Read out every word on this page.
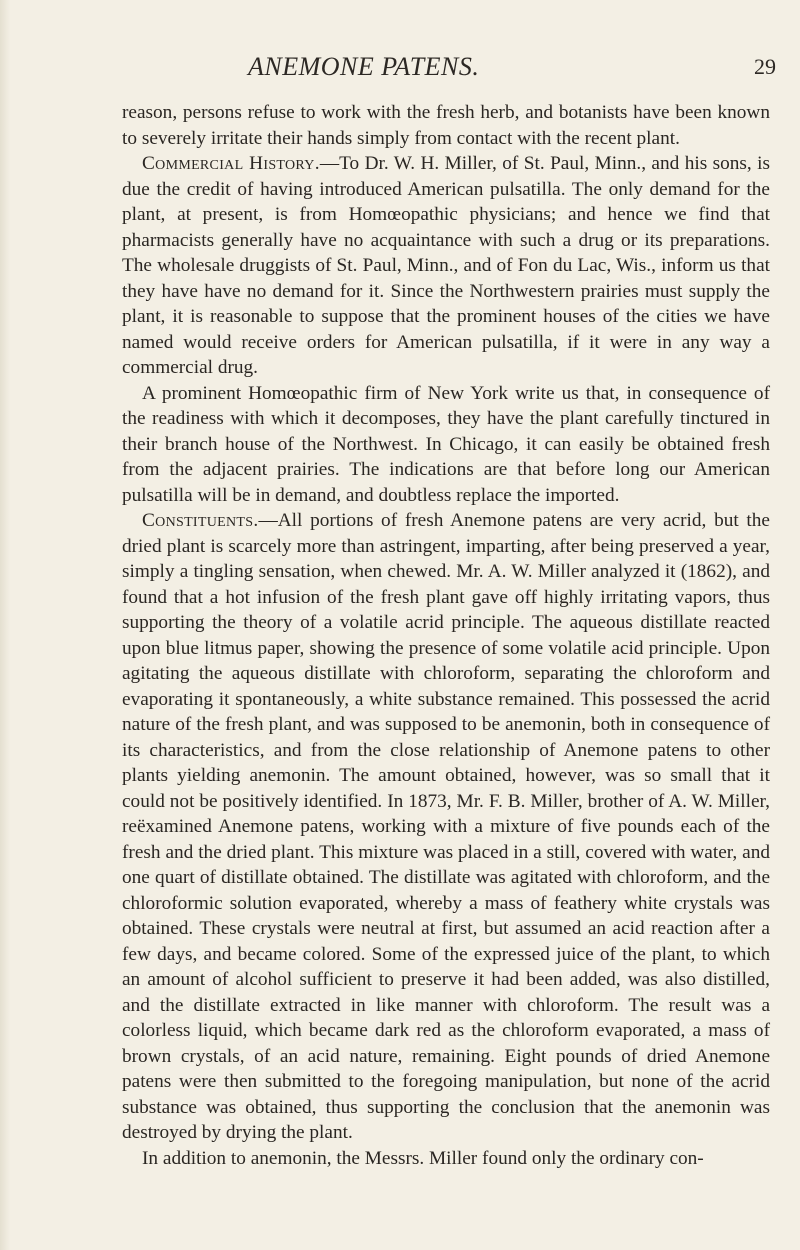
ANEMONE PATENS.	29

reason, persons refuse to work with the fresh herb, and botanists have been known to severely irritate their hands simply from contact with the recent plant.

Commercial History.—To Dr. W. H. Miller, of St. Paul, Minn., and his sons, is due the credit of having introduced American pulsatilla. The only demand for the plant, at present, is from Homœopathic physicians; and hence we find that pharmacists generally have no acquaintance with such a drug or its preparations. The wholesale druggists of St. Paul, Minn., and of Fon du Lac, Wis., inform us that they have have no demand for it. Since the Northwestern prairies must supply the plant, it is reasonable to suppose that the prominent houses of the cities we have named would receive orders for American pulsatilla, if it were in any way a commercial drug.

A prominent Homœopathic firm of New York write us that, in consequence of the readiness with which it decomposes, they have the plant carefully tinctured in their branch house of the Northwest. In Chicago, it can easily be obtained fresh from the adjacent prairies. The indications are that before long our American pulsatilla will be in demand, and doubtless replace the imported.

Constituents.—All portions of fresh Anemone patens are very acrid, but the dried plant is scarcely more than astringent, imparting, after being preserved a year, simply a tingling sensation, when chewed. Mr. A. W. Miller analyzed it (1862), and found that a hot infusion of the fresh plant gave off highly irritating vapors, thus supporting the theory of a volatile acrid principle. The aqueous distillate reacted upon blue litmus paper, showing the presence of some volatile acid principle. Upon agitating the aqueous distillate with chloroform, separating the chloroform and evaporating it spontaneously, a white substance remained. This possessed the acrid nature of the fresh plant, and was supposed to be anemonin, both in consequence of its characteristics, and from the close relationship of Anemone patens to other plants yielding anemonin. The amount obtained, however, was so small that it could not be positively identified. In 1873, Mr. F. B. Miller, brother of A. W. Miller, reëxamined Anemone patens, working with a mixture of five pounds each of the fresh and the dried plant. This mixture was placed in a still, covered with water, and one quart of distillate obtained. The distillate was agitated with chloroform, and the chloroformic solution evaporated, whereby a mass of feathery white crystals was obtained. These crystals were neutral at first, but assumed an acid reaction after a few days, and became colored. Some of the expressed juice of the plant, to which an amount of alcohol sufficient to preserve it had been added, was also distilled, and the distillate extracted in like manner with chloroform. The result was a colorless liquid, which became dark red as the chloroform evaporated, a mass of brown crystals, of an acid nature, remaining. Eight pounds of dried Anemone patens were then submitted to the foregoing manipulation, but none of the acrid substance was obtained, thus supporting the conclusion that the anemonin was destroyed by drying the plant.

In addition to anemonin, the Messrs. Miller found only the ordinary con-
